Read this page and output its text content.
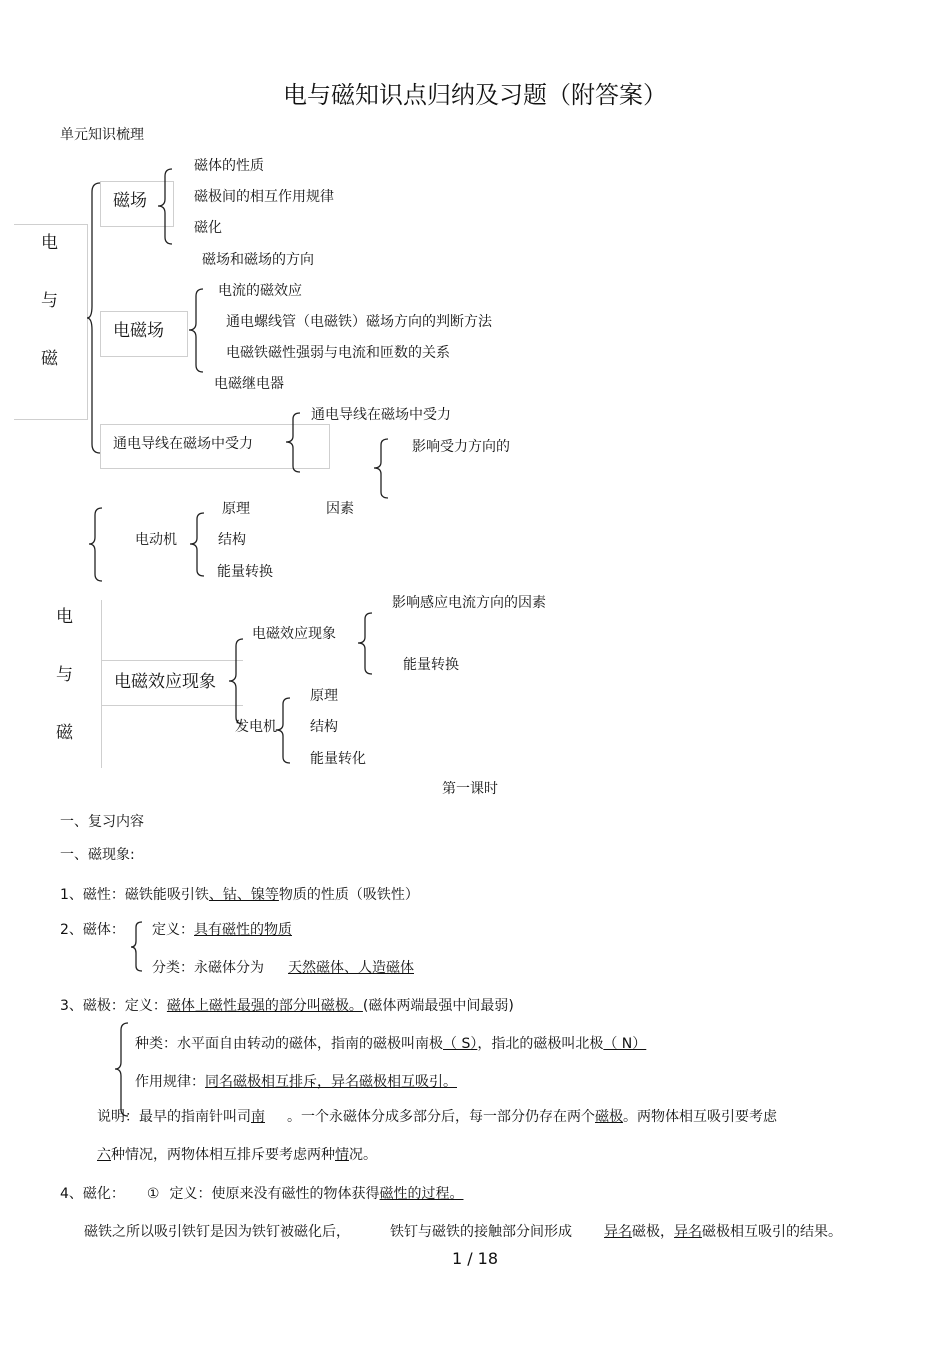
电与磁知识点归纳及习题（附答案）
单元知识梳理
电
与
磁
磁场
磁体的性质
磁极间的相互作用规律
磁化
磁场和磁场的方向
电磁场
电流的磁效应
通电螺线管（电磁铁）磁场方向的判断方法
电磁铁磁性强弱与电流和匝数的关系
电磁继电器
通电导线在磁场中受力
通电导线在磁场中受力
影响受力方向的
因素
电动机
原理
结构
能量转换
电
与
磁
电磁效应现象
电磁效应现象
影响感应电流方向的因素
能量转换
发电机
原理
结构
能量转化
第一课时
一、复习内容
一、磁现象:
1、磁性：磁铁能吸引铁、钴、镍等物质的性质（吸铁性）
2、磁体： 定义：具有磁性的物质
分类：永磁体分为 天然磁体、人造磁体
3、磁极：定义：磁体上磁性最强的部分叫磁极。(磁体两端最强中间最弱)
种类：水平面自由转动的磁体，指南的磁极叫南极（ S），指北的磁极叫北极（ N）
作用规律：同名磁极相互排斥，异名磁极相互吸引。
说明：最早的指南针叫司南 。一个永磁体分成多部分后，每一部分仍存在两个磁极。两物体相互吸引要考虑
六种情况，两物体相互排斥要考虑两种情况。
4、磁化： ① 定义：使原来没有磁性的物体获得磁性的过程。
磁铁之所以吸引铁钉是因为铁钉被磁化后，	铁钉与磁铁的接触部分间形成 异名磁极，异名磁极相互吸引的结果。
1 / 18
